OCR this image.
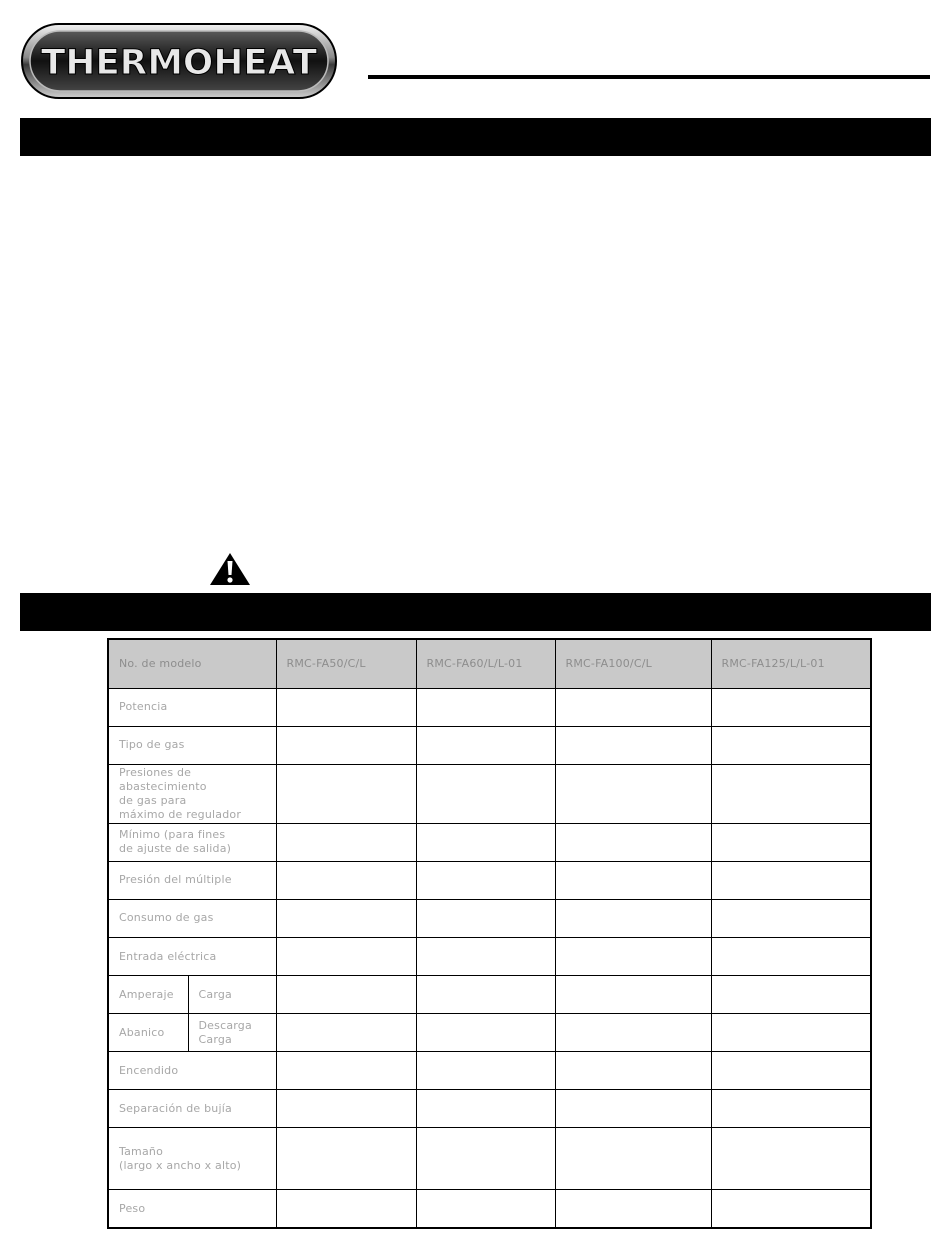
THERMOHEAT
No. de modelo		RMC-FA50/C/L	RMC-FA60/L/L-01	RMC-FA100/C/L	RMC-FA125/L/L-01
Potencia					
Tipo de gas					

Presiones de
abastecimiento
de gas para
máximo de regulador					

Mínimo (para fines
de ajuste de salida)					

Presión del múltiple					
Consumo de gas					
Entrada eléctrica					
Amperaje	Carga				
Abanico	Descarga
Carga				

Encendido					
Separación de bujía					

Tamaño
(largo x ancho x alto)					

Peso					
